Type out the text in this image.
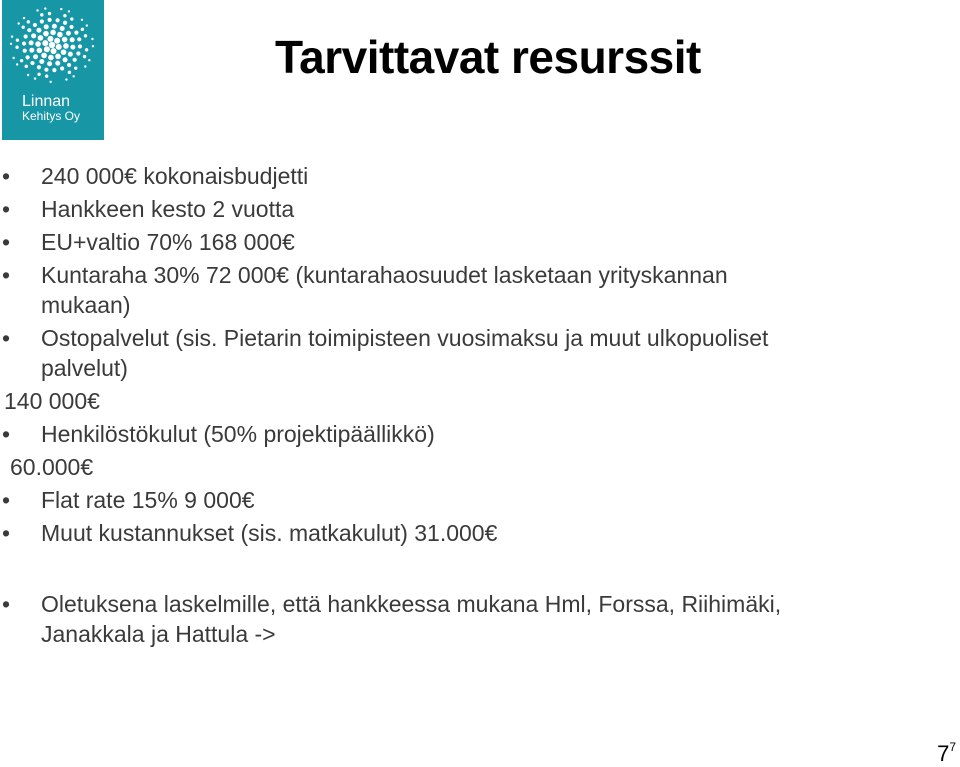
Linnan
Kehitys Oy
Tarvittavat resurssit
• 240 000€ kokonaisbudjetti
• Hankkeen kesto 2 vuotta
• EU+valtio 70% 168 000€
• Kuntaraha 30% 72 000€ (kuntarahaosuudet lasketaan yrityskannan
mukaan)
• Ostopalvelut (sis. Pietarin toimipisteen vuosimaksu ja muut ulkopuoliset
palvelut)
140 000€
• Henkilöstökulut (50% projektipäällikkö)
60.000€
• Flat rate 15% 9 000€
• Muut kustannukset (sis. matkakulut) 31.000€
• Oletuksena laskelmille, että hankkeessa mukana Hml, Forssa, Riihimäki,
Janakkala ja Hattula ->
$7^7$
